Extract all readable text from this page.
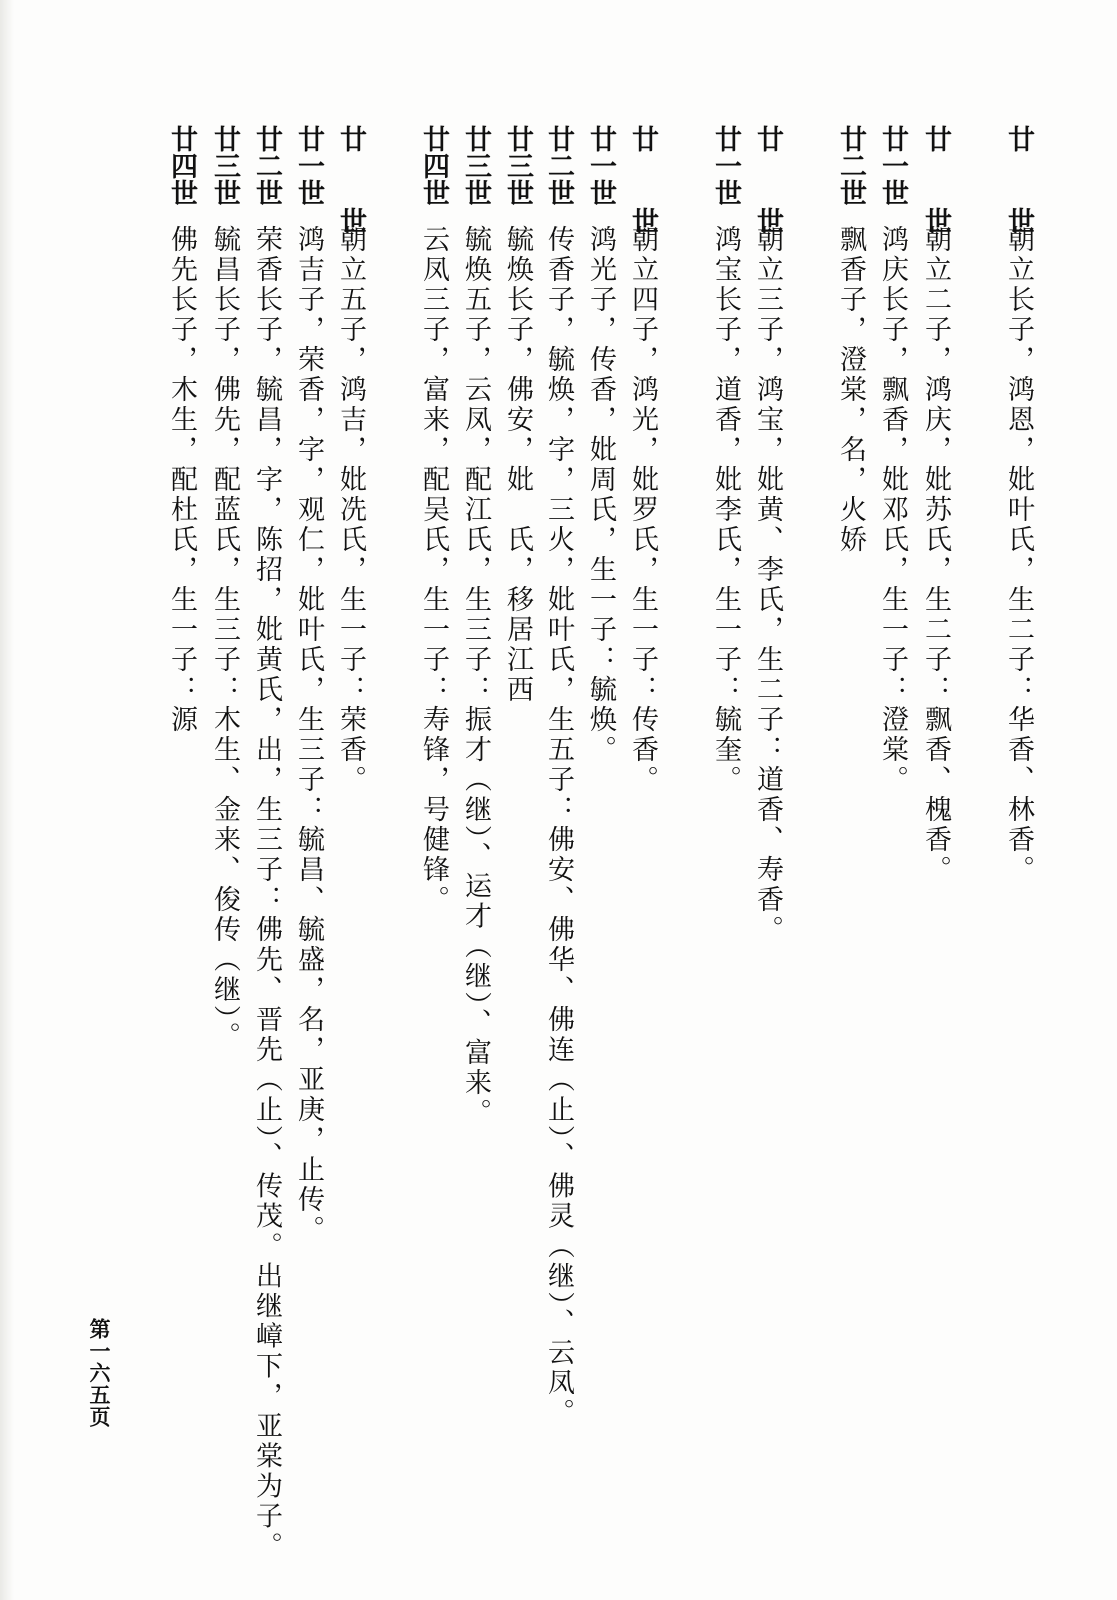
廿 世朝立长子，鸿恩，妣叶氏，生二子：华香、林香。
廿 世朝立二子，鸿庆，妣苏氏，生二子：飘香、槐香。
廿一世鸿庆长子，飘香，妣邓氏，生一子：澄棠。
廿二世飘香子，澄棠，名，火娇
廿 世朝立三子，鸿宝，妣黄、李氏，生二子：道香、寿香。
廿一世鸿宝长子，道香，妣李氏，生一子：毓奎。
廿 世朝立四子，鸿光，妣罗氏，生一子：传香。
廿一世鸿光子，传香，妣周氏，生一子：毓焕。
廿二世传香子，毓焕，字，三火，妣叶氏，生五子：佛安、佛华、佛连（止）、佛灵（继）、云凤。
廿三世毓焕长子，佛安，妣　氏，移居江西
廿三世毓焕五子，云凤，配江氏，生三子：振才（继）、运才（继）、富来。
廿四世云凤三子，富来，配吴氏，生一子：寿锋，号健锋。
廿 世朝立五子，鸿吉，妣冼氏，生一子：荣香。
廿一世鸿吉子，荣香，字，观仁，妣叶氏，生三子：毓昌、毓盛，名，亚庚，止传。
廿二世荣香长子，毓昌，字，陈招，妣黄氏，出，生三子：佛先、晋先（止）、传茂。出继嶂下，亚棠为子。
廿三世毓昌长子，佛先，配蓝氏，生三子：木生、金来、俊传（继）。
廿四世佛先长子，木生，配杜氏，生一子：源
第一六五页
